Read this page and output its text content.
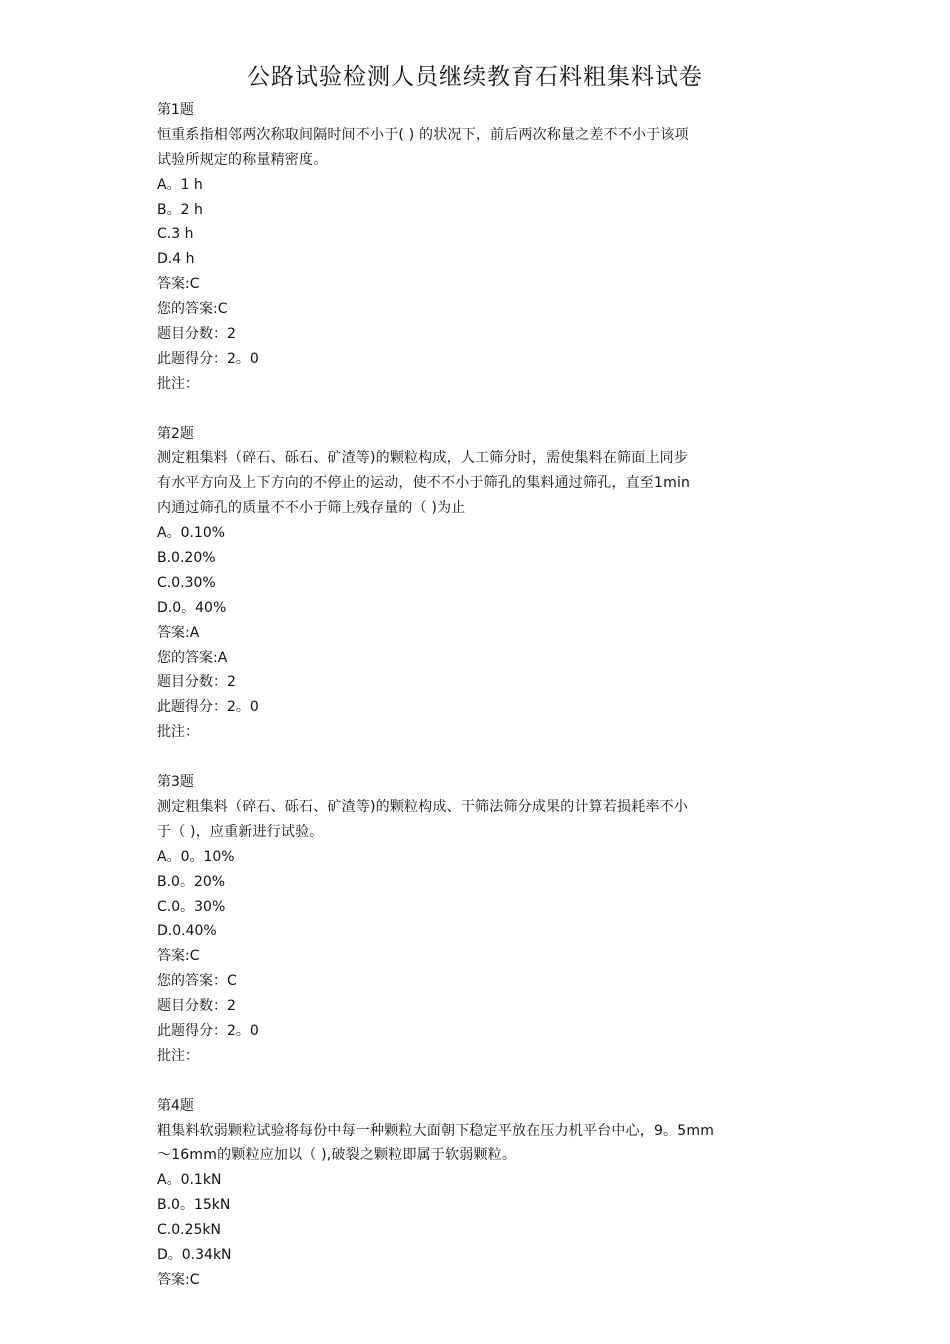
公路试验检测人员继续教育石料粗集料试卷
第1题
恒重系指相邻两次称取间隔时间不小于( ) 的状况下，前后两次称量之差不不小于该项
试验所规定的称量精密度。
A。1 h
B。2 h
C.3 h
D.4 h
答案:C
您的答案:C
题目分数：2
此题得分：2。0
批注：
第2题
测定粗集料（碎石、砾石、矿渣等)的颗粒构成，人工筛分时，需使集料在筛面上同步
有水平方向及上下方向的不停止的运动，使不不小于筛孔的集料通过筛孔，直至1min
内通过筛孔的质量不不小于筛上残存量的（ )为止
A。0.10%
B.0.20%
C.0.30%
D.0。40%
答案:A
您的答案:A
题目分数：2
此题得分：2。0
批注：
第3题
测定粗集料（碎石、砾石、矿渣等)的颗粒构成、干筛法筛分成果的计算若损耗率不小
于（ )，应重新进行试验。
A。0。10%
B.0。20%
C.0。30%
D.0.40%
答案:C
您的答案：C
题目分数：2
此题得分：2。0
批注：
第4题
粗集料软弱颗粒试验将每份中每一种颗粒大面朝下稳定平放在压力机平台中心，9。5mm
～16mm的颗粒应加以（ ),破裂之颗粒即属于软弱颗粒。
A。0.1kN
B.0。15kN
C.0.25kN
D。0.34kN
答案:C
